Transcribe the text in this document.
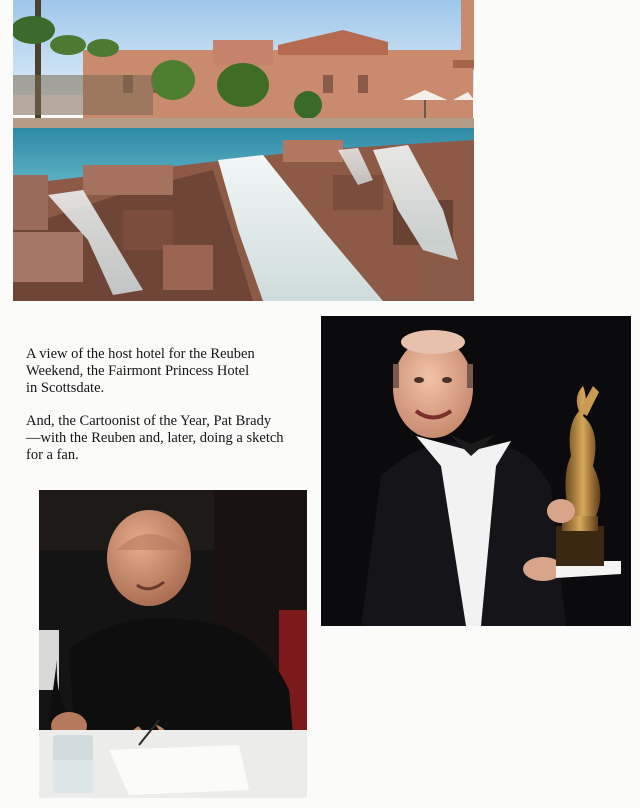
A view of the host hotel for the Reuben
Weekend, the Fairmont Princess Hotel
in Scottsdate.

And, the Cartoonist of the Year, Pat Brady
—with the Reuben and, later, doing a sketch
for a fan.
